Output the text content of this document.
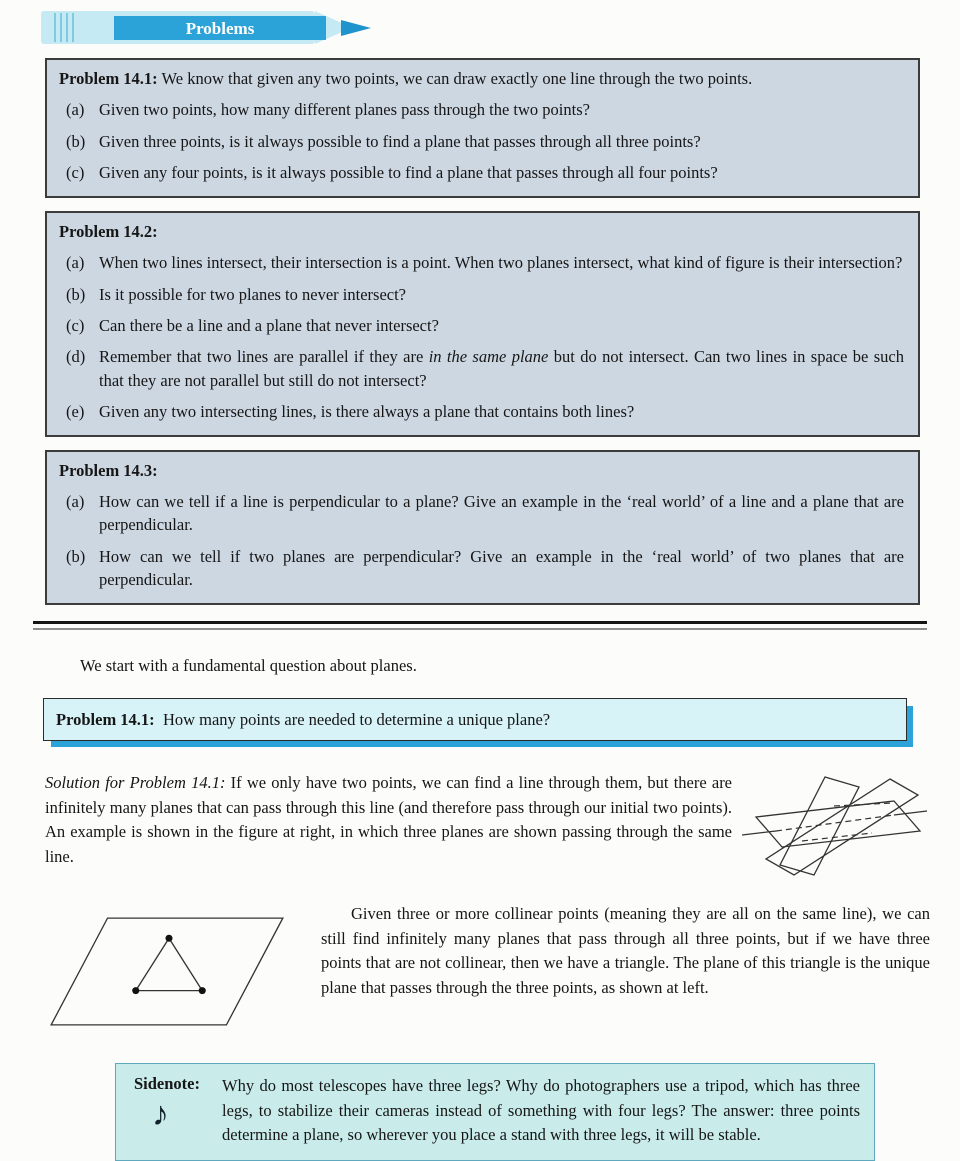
Problems
Problem 14.1: We know that given any two points, we can draw exactly one line through the two points.
(a) Given two points, how many different planes pass through the two points?
(b) Given three points, is it always possible to find a plane that passes through all three points?
(c) Given any four points, is it always possible to find a plane that passes through all four points?
Problem 14.2:
(a) When two lines intersect, their intersection is a point. When two planes intersect, what kind of figure is their intersection?
(b) Is it possible for two planes to never intersect?
(c) Can there be a line and a plane that never intersect?
(d) Remember that two lines are parallel if they are in the same plane but do not intersect. Can two lines in space be such that they are not parallel but still do not intersect?
(e) Given any two intersecting lines, is there always a plane that contains both lines?
Problem 14.3:
(a) How can we tell if a line is perpendicular to a plane? Give an example in the ‘real world’ of a line and a plane that are perpendicular.
(b) How can we tell if two planes are perpendicular? Give an example in the ‘real world’ of two planes that are perpendicular.
We start with a fundamental question about planes.
Problem 14.1: How many points are needed to determine a unique plane?
Solution for Problem 14.1: If we only have two points, we can find a line through them, but there are infinitely many planes that can pass through this line (and therefore pass through our initial two points). An example is shown in the figure at right, in which three planes are shown passing through the same line.
Given three or more collinear points (meaning they are all on the same line), we can still find infinitely many planes that pass through all three points, but if we have three points that are not collinear, then we have a triangle. The plane of this triangle is the unique plane that passes through the three points, as shown at left.
Sidenote:
♪
Why do most telescopes have three legs? Why do photographers use a tripod, which has three legs, to stabilize their cameras instead of something with four legs? The answer: three points determine a plane, so wherever you place a stand with three legs, it will be stable.
